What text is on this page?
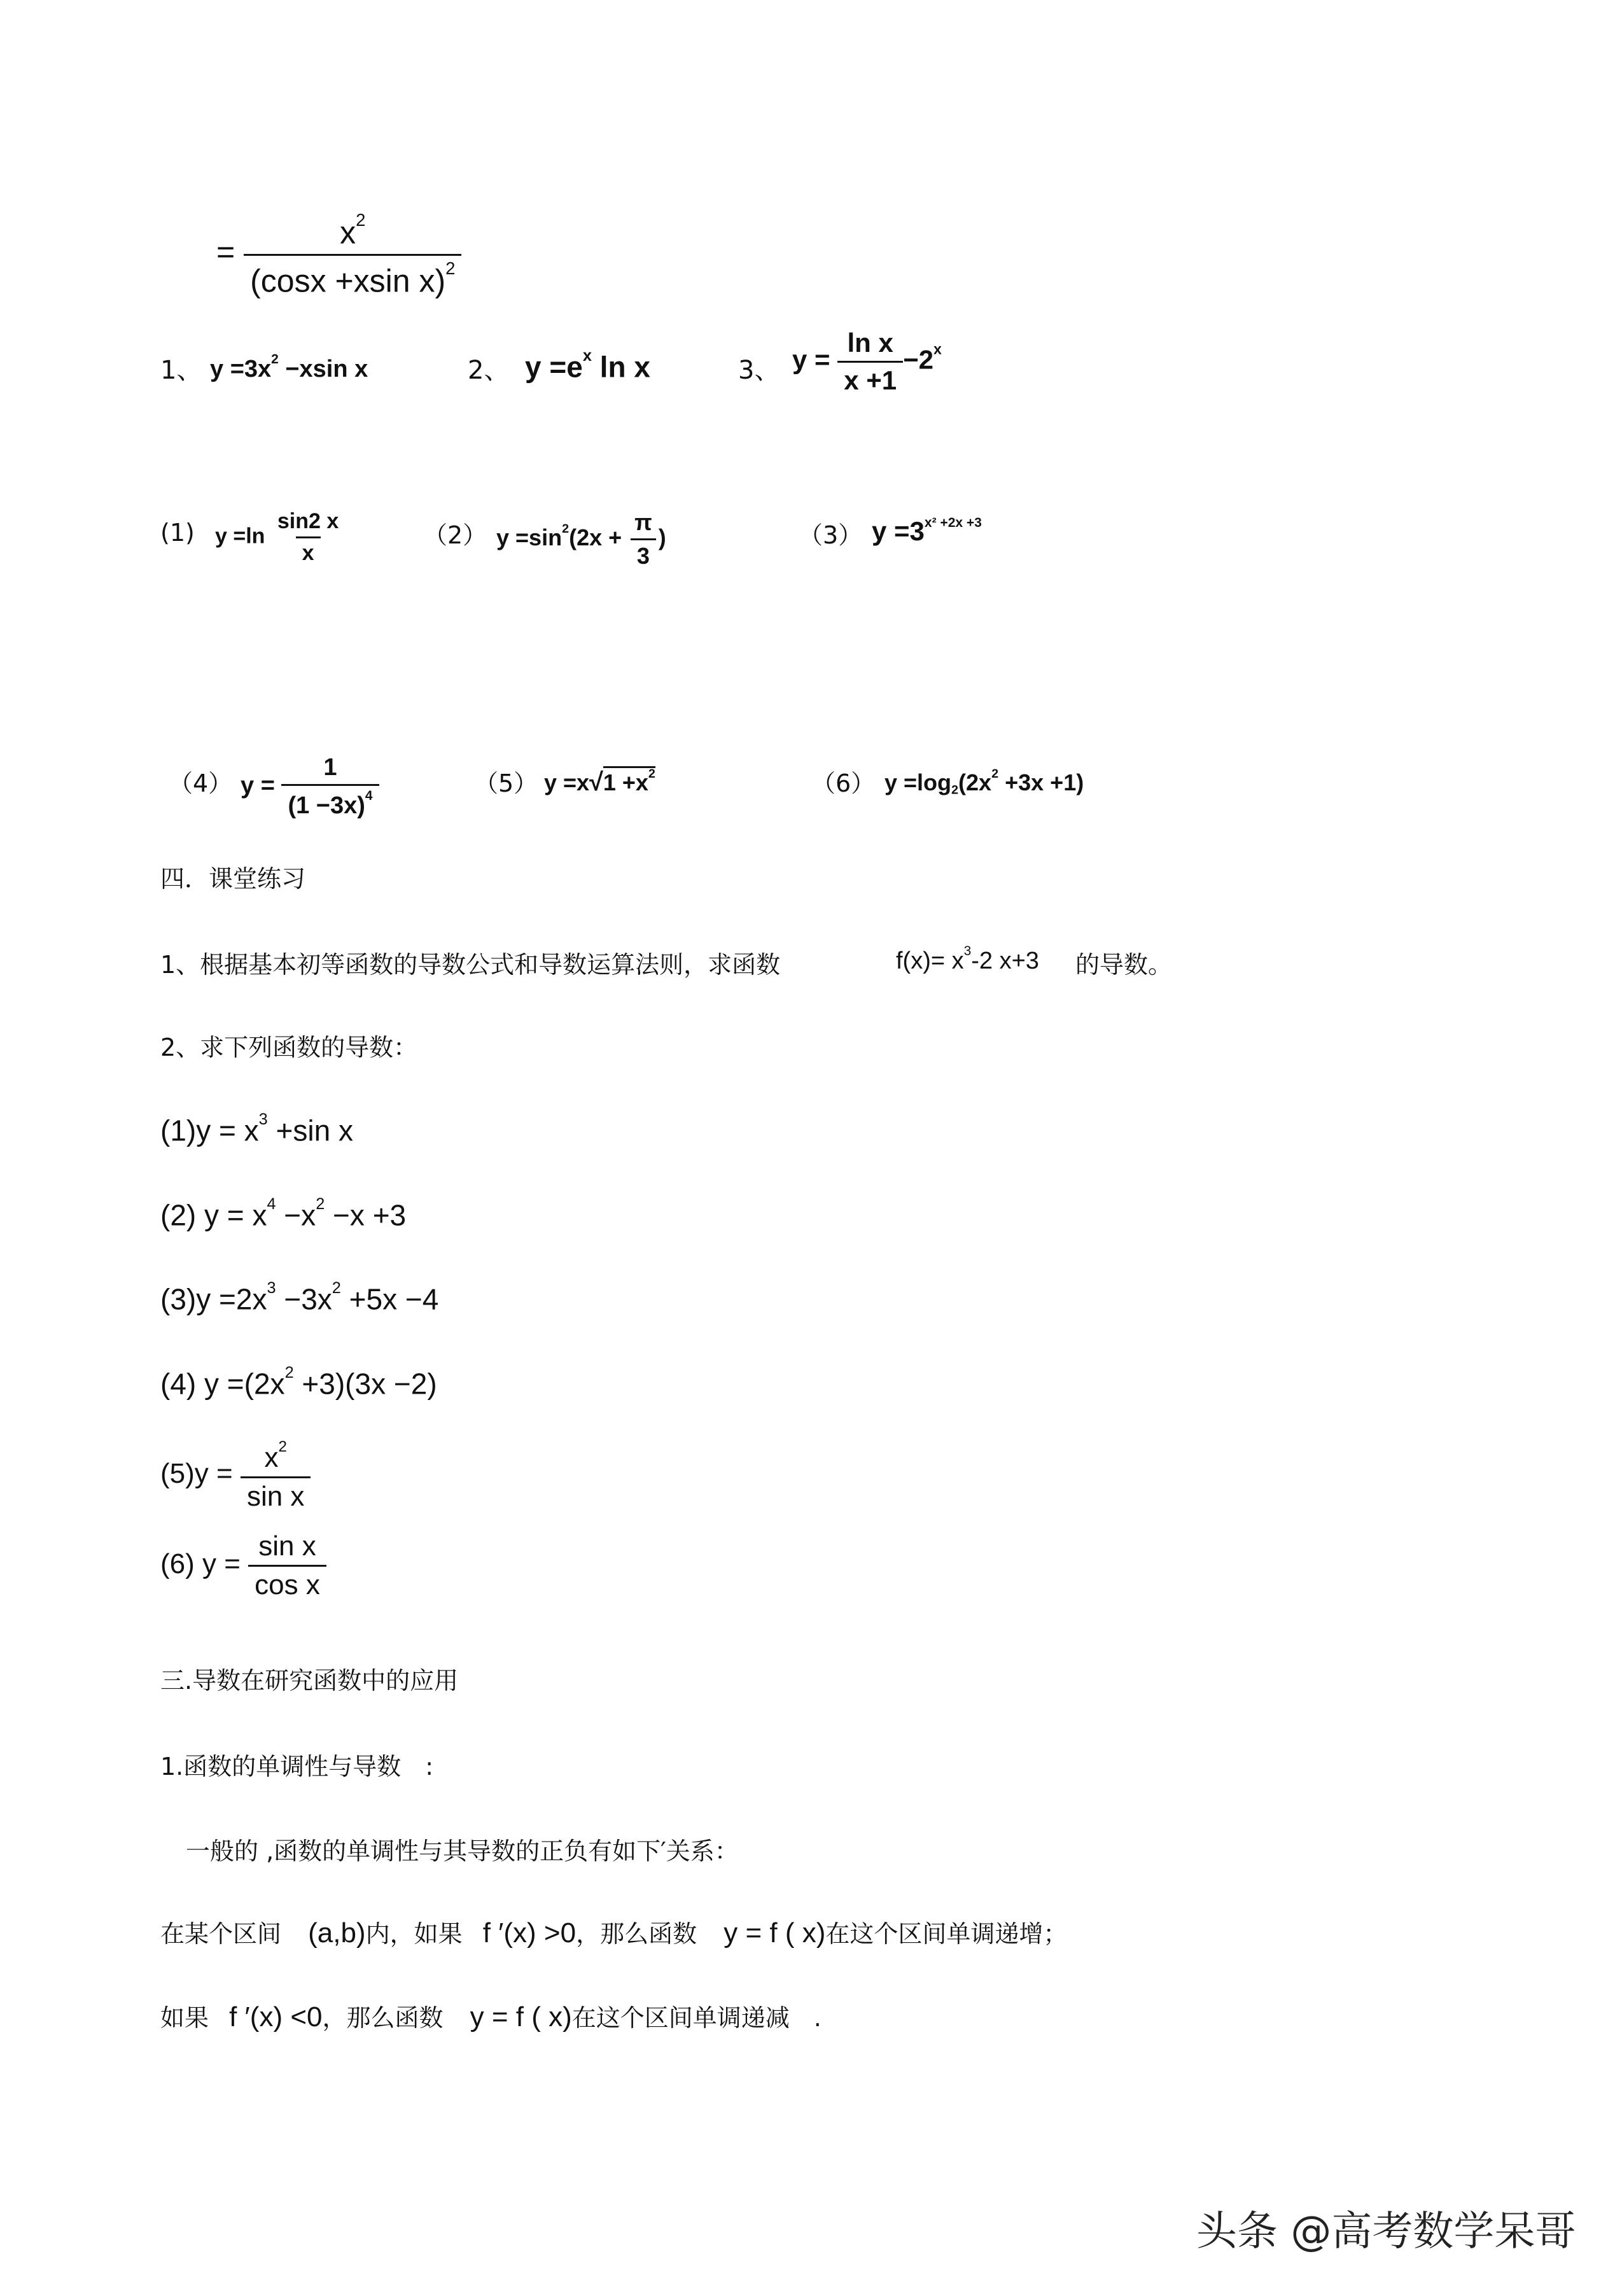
= $\frac{x^2}{(\cos x +xsin x)^2}$
1、 $y =3x^2 -xsin$ x	2、 $y =e^x$ ln x	3、 $y = \frac{\text{ln x}}{x +1} -2^x$
(1) $y =\ln \frac{\sin 2 x}{x}$	（2） $y =\sin^2(2x + \frac{\pi}{3}$ )	（3） $y =3^{x^2 +2x +3}$
（4） $y = \frac{1}{(1 -3x)^4}$	（5） $y =x√1 +x^2$	（6） $y =\log_2(2x^2 +3x +1)$
四．课堂练习
1、根据基本初等函数的导数公式和导数运算法则，求函数	$f(x)= x^3-2$ x+3 的导数。
2、求下列函数的导数：
$(1)y = x^3 +\sin$ x
(2) $y = x^4 -x^2 -x +3$
$(3)y =2x^3 -3x^2 +5x -4$
(4) $y =(2x^2 +3)(3x -2)$
$(5)y = \frac{x^2}{\text{sin x}}$
(6) $y = \frac{\text{sin x}}{\text{cos x}}$
三.导数在研究函数中的应用
1.函数的单调性与导数　:
一般的 ,函数的单调性与其导数的正负有如下′关系：
在某个区间 (a,b)内，如果 f ′(x) >0，那么函数 y = f ( x)在这个区间单调递增；
如果 f ′(x) <0，那么函数 y = f ( x)在这个区间单调递减　.
头条 @高考数学呆哥
